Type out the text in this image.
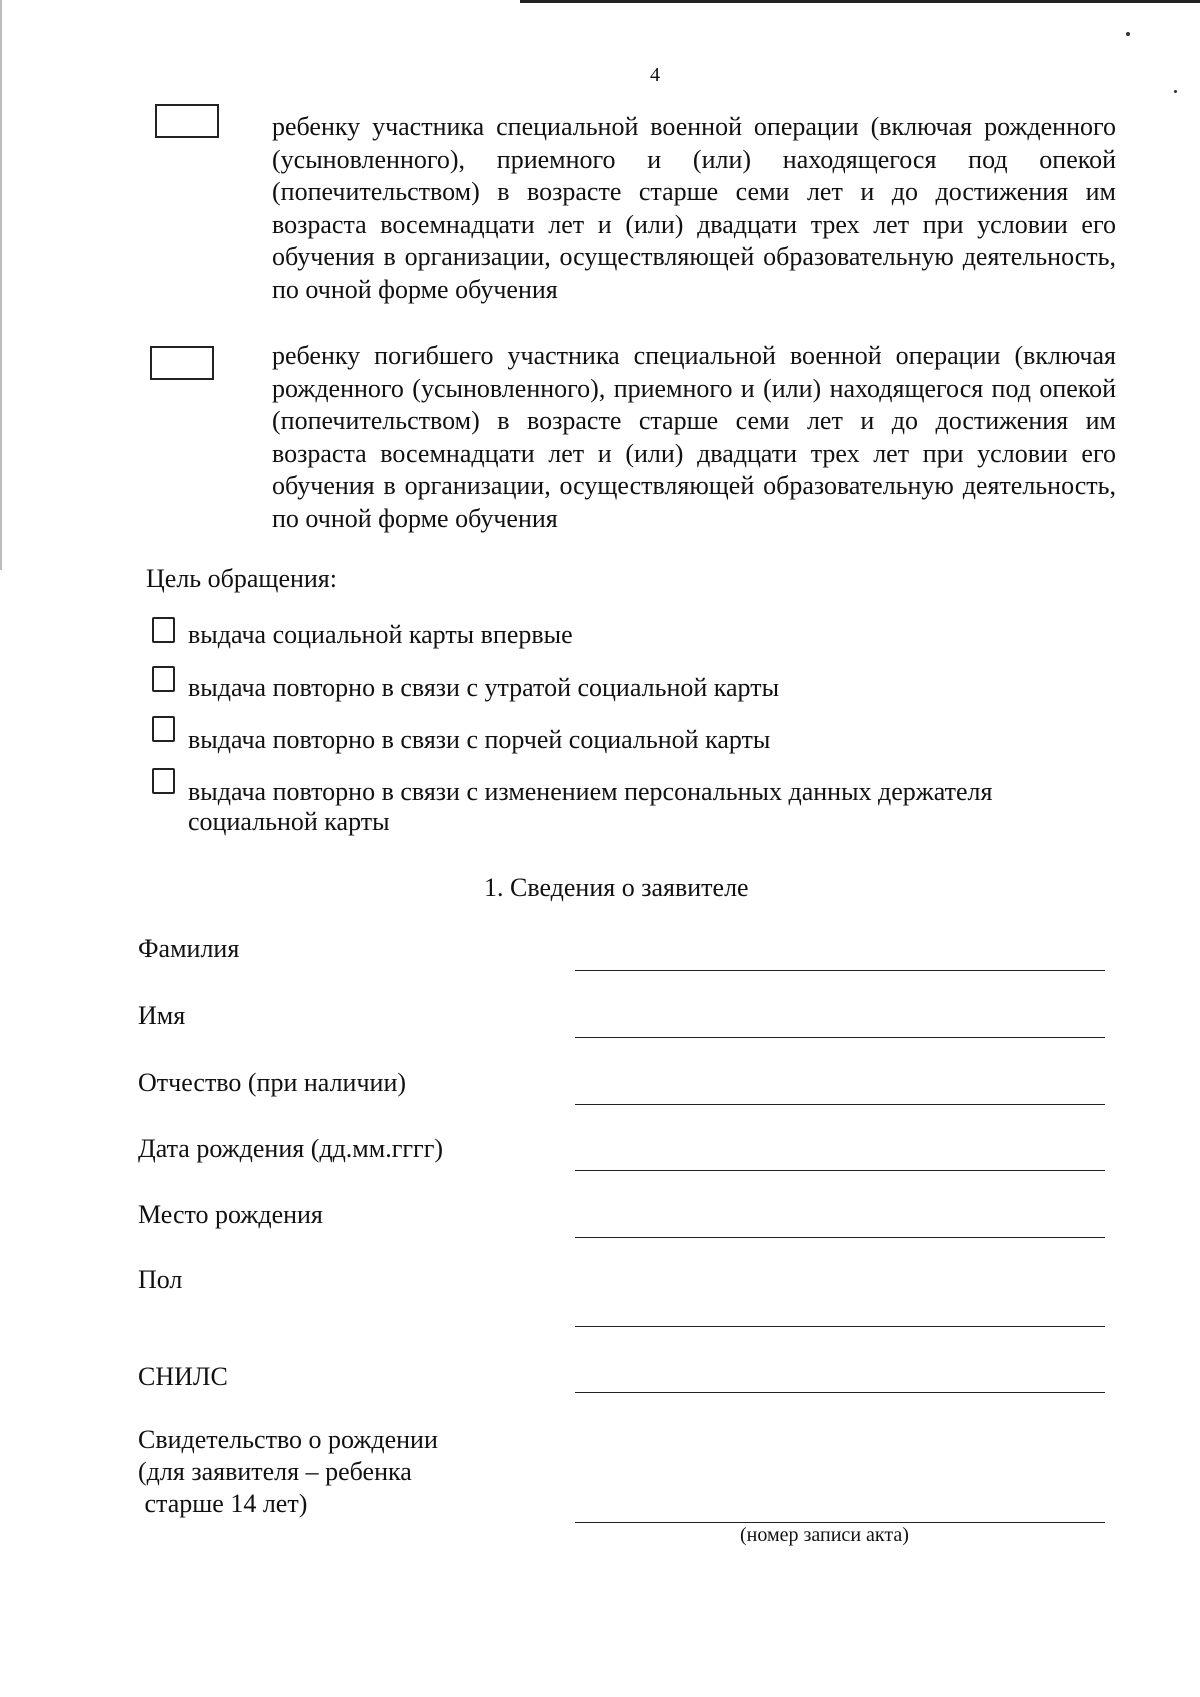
4

ребенку участника специальной военной операции (включая рожденного (усыновленного), приемного и (или) находящегося под опекой (попечительством) в возрасте старше семи лет и до достижения им возраста восемнадцати лет и (или) двадцати трех лет при условии его обучения в организации, осуществляющей образовательную деятельность, по очной форме обучения

ребенку погибшего участника специальной военной операции (включая рожденного (усыновленного), приемного и (или) находящегося под опекой (попечительством) в возрасте старше семи лет и до достижения им возраста восемнадцати лет и (или) двадцати трех лет при условии его обучения в организации, осуществляющей образовательную деятельность, по очной форме обучения

Цель обращения:
выдача социальной карты впервые
выдача повторно в связи с утратой социальной карты
выдача повторно в связи с порчей социальной карты
выдача повторно в связи с изменением персональных данных держателя
социальной карты
1. Сведения о заявителе
Фамилия
Имя
Отчество (при наличии)
Дата рождения (дд.мм.гггг)
Место рождения
Пол
СНИЛС
Свидетельство о рождении
(для заявителя – ребенка
старше 14 лет)
(номер записи акта)
